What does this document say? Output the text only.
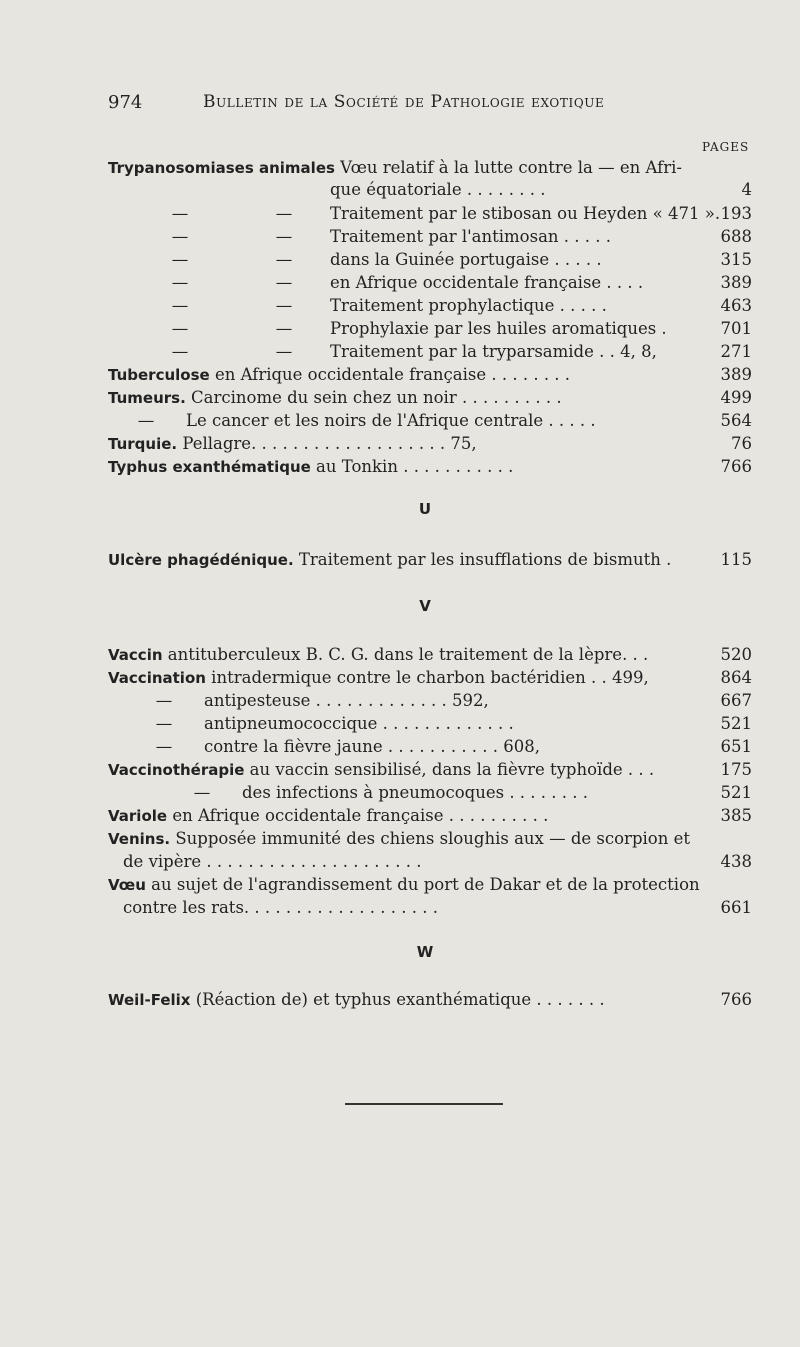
974	Bulletin de la Société de Pathologie exotique
PAGES
Trypanosomiases animales Vœu relatif à la lutte contre la — en Afri-
que équatoriale . . . . . . . .	4
—	— Traitement par le stibosan ou Heyden « 471 ». 193
—	— Traitement par l'antimosan . . . . .	688
—	— dans la Guinée portugaise . . . . .	315
—	— en Afrique occidentale française . . . .	389
—	— Traitement prophylactique . . . . .	463
—	— Prophylaxie par les huiles aromatiques .	701
—	— Traitement par la tryparsamide . . 4, 8,	271
Tuberculose en Afrique occidentale française . . . . . . . .	389
Tumeurs. Carcinome du sein chez un noir . . . . . . . . . .	499
— Le cancer et les noirs de l'Afrique centrale . . . . .	564
Turquie. Pellagre. . . . . . . . . . . . . . . . . . . 75,	76
Typhus exanthématique au Tonkin . . . . . . . . . . .	766
U
Ulcère phagédénique. Traitement par les insufflations de bismuth .	115
V
Vaccin antituberculeux B. C. G. dans le traitement de la lèpre. . .	520
Vaccination intradermique contre le charbon bactéridien . . 499,	864
— antipesteuse . . . . . . . . . . . . . 592,	667
— antipneumococcique . . . . . . . . . . . . .	521
— contre la fièvre jaune . . . . . . . . . . . 608,	651
Vaccinothérapie au vaccin sensibilisé, dans la fièvre typhoïde . . .	175
— des infections à pneumocoques . . . . . . . .	521
Variole en Afrique occidentale française . . . . . . . . . .	385
Venins. Supposée immunité des chiens sloughis aux — de scorpion et
de vipère . . . . . . . . . . . . . . . . . . . . .	438
Vœu au sujet de l'agrandissement du port de Dakar et de la protection
contre les rats. . . . . . . . . . . . . . . . . . .	661
W
Weil-Felix (Réaction de) et typhus exanthématique . . . . . . .	766
